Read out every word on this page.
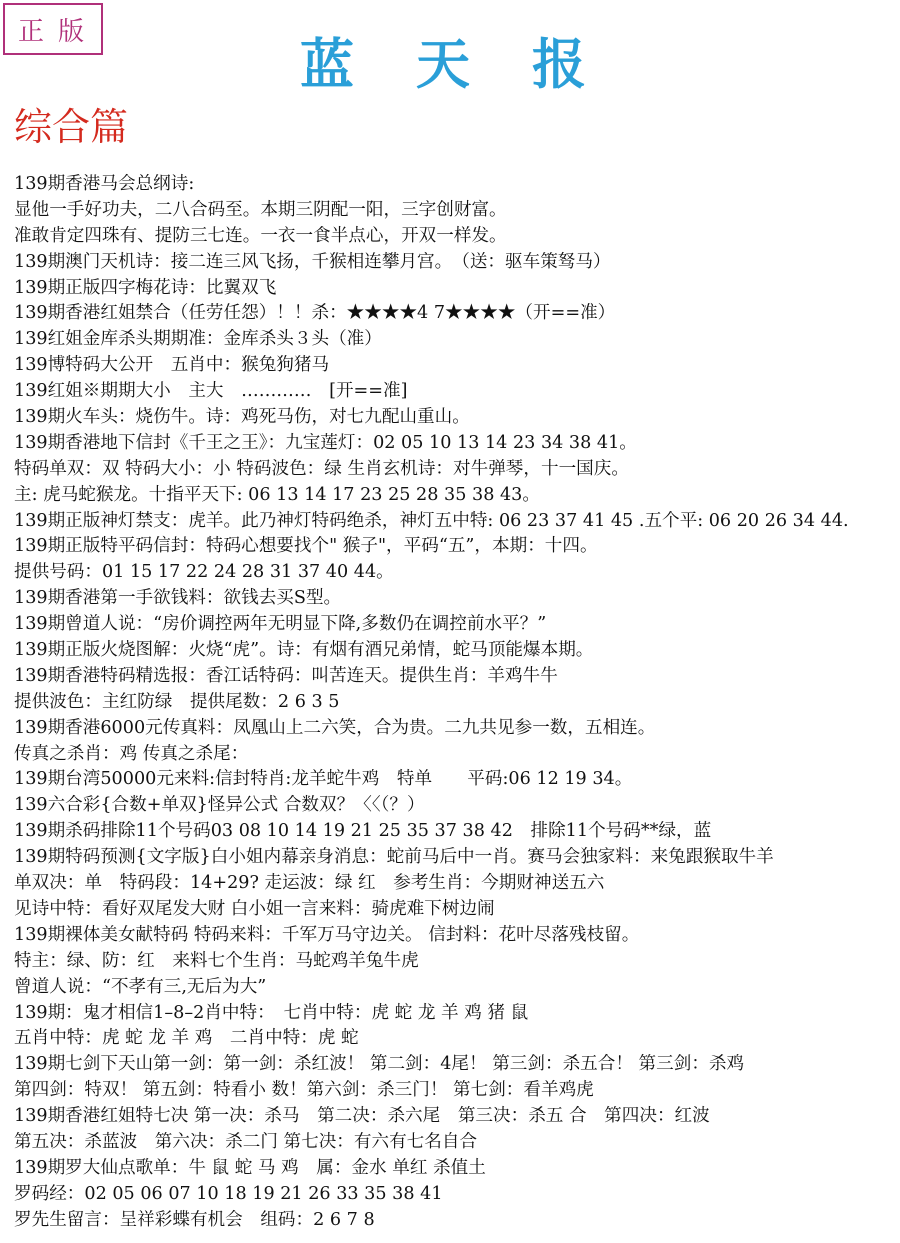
正版
蓝天报
综合篇
139期香港马会总纲诗:
显他一手好功夫，二八合码至。本期三阴配一阳，三字创财富。
准敢肯定四珠有、提防三七连。一衣一食半点心，开双一样发。
139期澳门天机诗：接二连三风飞扬，千猴相连攀月宫。　（送：驱车策驽马）
139期正版四字梅花诗：比翼双飞
139期香港红姐禁合（任劳任怨）！！杀：★★★★4 7★★★★（开==准）
139红姐金库杀头期期准：金库杀头３头（准）
139博特码大公开　五肖中：猴兔狗猪马
139红姐※期期大小　主大　…………　[开==准]
139期火车头：烧伤牛。诗：鸡死马伤，对七九配山重山。
139期香港地下信封《千王之王》：九宝莲灯：02 05 10 13 14 23 34 38 41。
特码单双：双 特码大小：小 特码波色：绿 生肖玄机诗：对牛弹琴，十一国庆。
主: 虎马蛇猴龙。十指平天下: 06 13 14 17 23 25 28 35 38 43。
139期正版神灯禁支：虎羊。此乃神灯特码绝杀，神灯五中特: 06 23 37 41 45 .五个平: 06 20 26 34 44.
139期正版特平码信封：特码心想要找个" 猴子"，平码“五”，本期：十四。
提供号码：01 15 17 22 24 28 31 37 40 44。
139期香港第一手欲钱料：欲钱去买S型。
139期曾道人说：“房价调控两年无明显下降,多数仍在调控前水平？”
139期正版火烧图解：火烧“虎”。诗：有烟有酒兄弟情，蛇马顶能爆本期。
139期香港特码精选报：香江话特码：叫苦连天。提供生肖：羊鸡牛牛
提供波色：主红防绿　提供尾数：2 6 3 5
139期香港6000元传真料：凤凰山上二六笑，合为贵。二九共见参一数，五相连。
传真之杀肖：鸡 传真之杀尾：
139期台湾50000元来料:信封特肖:龙羊蛇牛鸡　特单　　平码:06 12 19 34。
139六合彩{合数+单双}怪异公式 合数双？〈〈（？）
139期杀码排除11个号码03 08 10 14 19 21 25 35 37 38 42　排除11个号码**绿，蓝
139期特码预测{文字版}白小姐内幕亲身消息：蛇前马后中一肖。赛马会独家料：来兔跟猴取牛羊
单双决：单　特码段：14+29? 走运波：绿 红　参考生肖：今期财神送五六
见诗中特：看好双尾发大财 白小姐一言来料：骑虎难下树边闹
139期裸体美女献特码 特码来料：千军万马守边关。 信封料：花叶尽落残枝留。
特主：绿、防：红　来料七个生肖：马蛇鸡羊兔牛虎
曾道人说：“不孝有三,无后为大”
139期：鬼才相信1–8–2肖中特：　七肖中特：虎 蛇 龙 羊 鸡 猪 鼠
五肖中特：虎 蛇 龙 羊 鸡　二肖中特：虎 蛇
139期七剑下天山第一剑：第一剑：杀红波！ 第二剑：4尾！ 第三剑：杀五合！ 第三剑：杀鸡
第四剑：特双！ 第五剑：特看小 数！第六剑：杀三门！ 第七剑：看羊鸡虎
139期香港红姐特七决 第一决：杀马　第二决：杀六尾　第三决：杀五 合　第四决：红波
第五决：杀蓝波　第六决：杀二门 第七决：有六有七名自合
139期罗大仙点歌单：牛 鼠 蛇 马 鸡　属：金水 单红 杀值土
罗码经：02 05 06 07 10 18 19 21 26 33 35 38 41
罗先生留言：呈祥彩蝶有机会　组码：2 6 7 8
